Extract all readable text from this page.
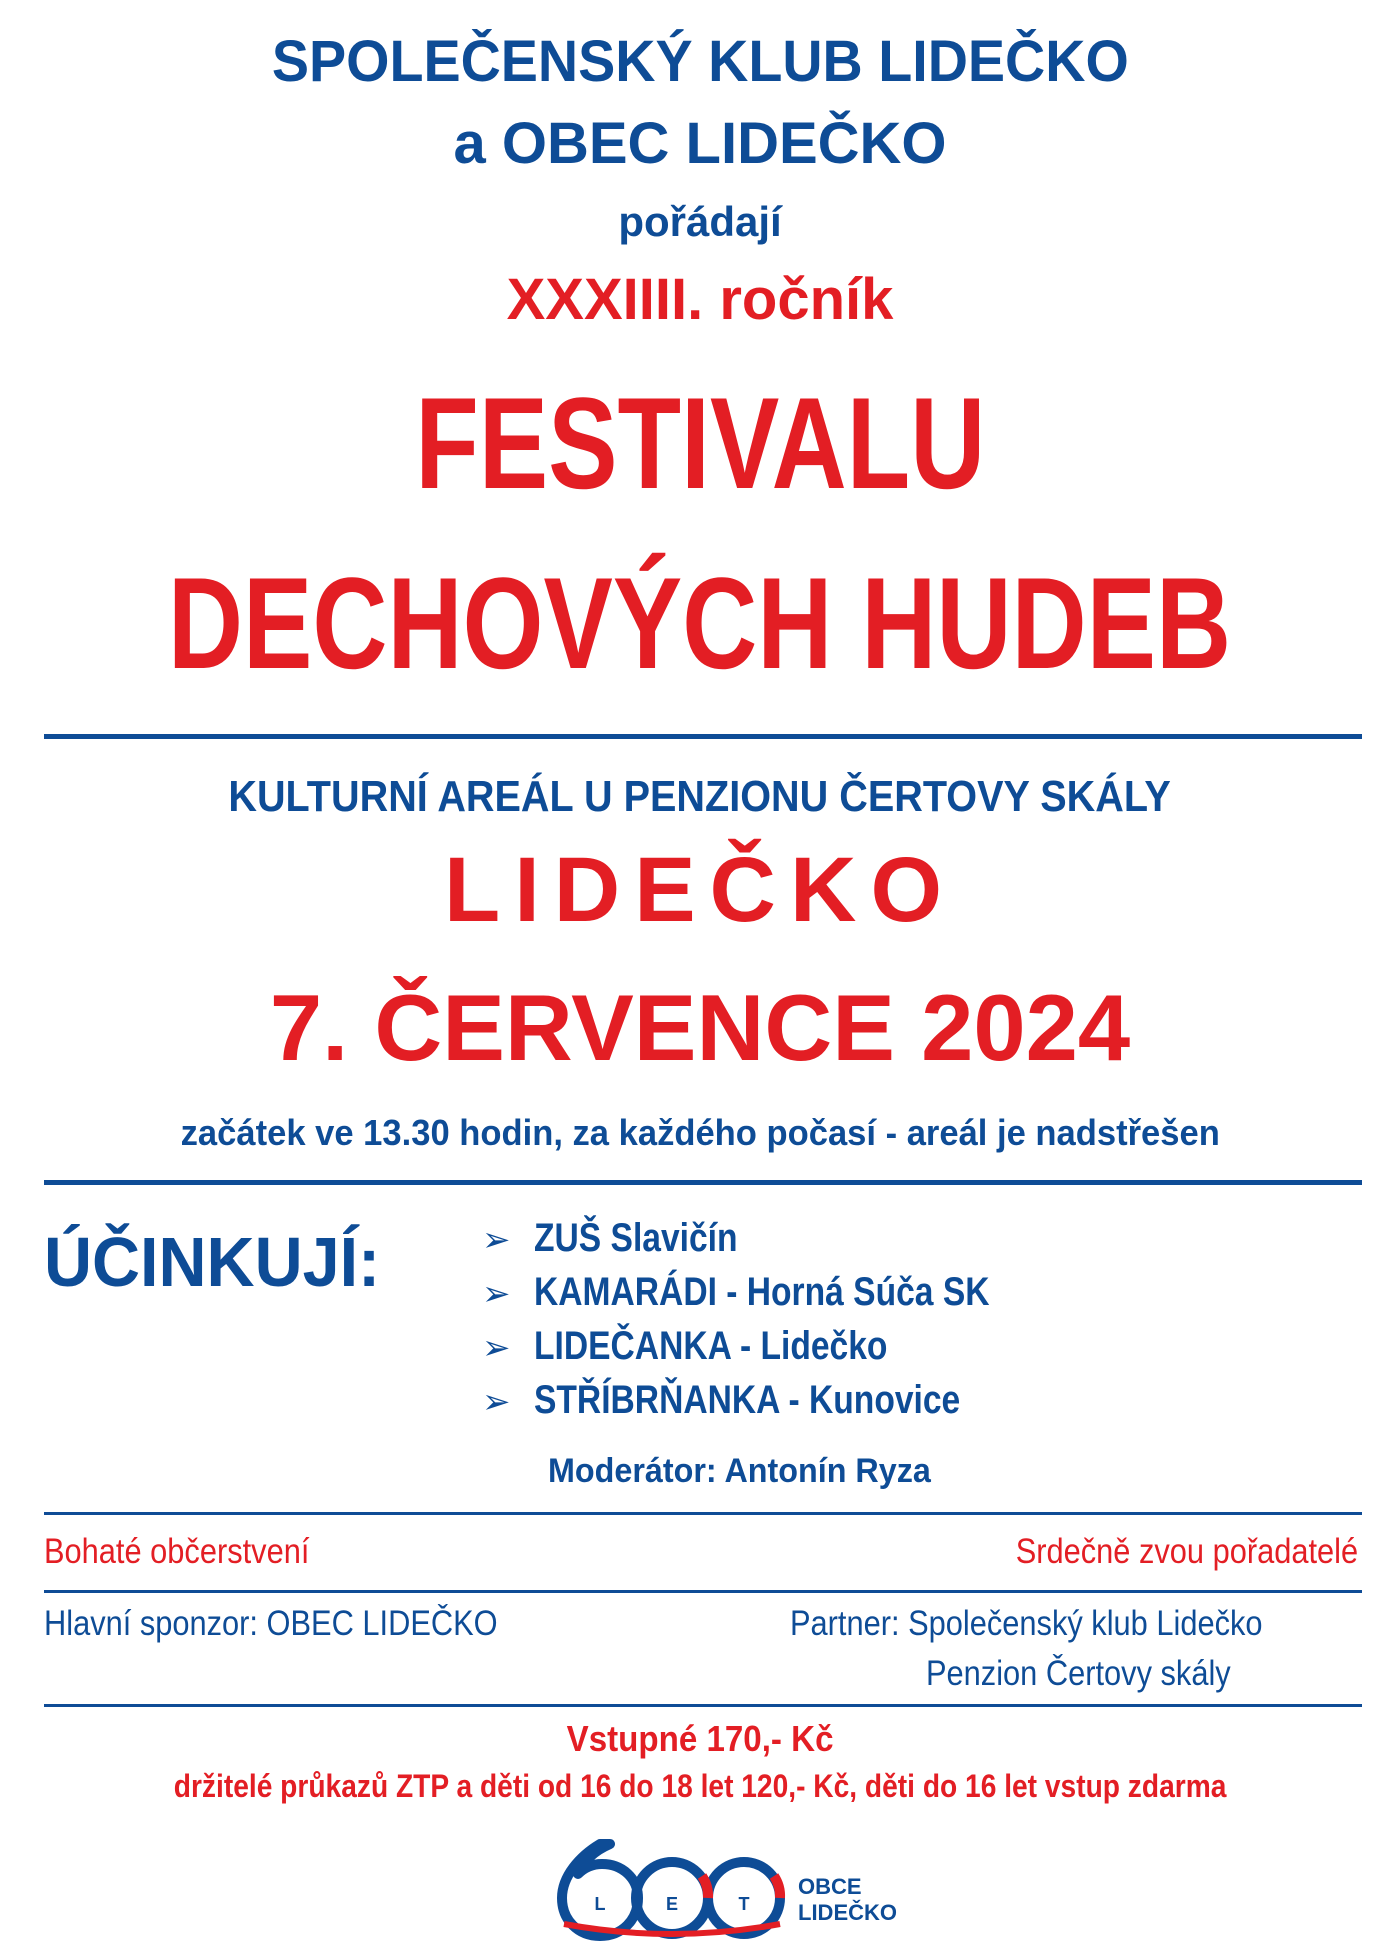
SPOLEČENSKÝ KLUB LIDEČKO
a OBEC LIDEČKO
pořádají
XXXIIII. ročník
FESTIVALU
DECHOVÝCH HUDEB
KULTURNÍ AREÁL U PENZIONU ČERTOVY SKÁLY
LIDEČKO
7. ČERVENCE 2024
začátek ve 13.30 hodin, za každého počasí - areál je nadstřešen
ÚČINKUJÍ:	➢ ZUŠ Slavičín
➢ KAMARÁDI - Horná Súča SK
➢ LIDEČANKA - Lidečko
➢ STŘÍBRŇANKA - Kunovice
Moderátor: Antonín Ryza
Bohaté občerstvení	Srdečně zvou pořadatelé
Hlavní sponzor: OBEC LIDEČKO	Partner: Společenský klub Lidečko
Penzion Čertovy skály
Vstupné 170,- Kč
držitelé průkazů ZTP a děti od 16 do 18 let 120,- Kč, děti do 16 let vstup zdarma
L	E	T
OBCE
LIDEČKO
